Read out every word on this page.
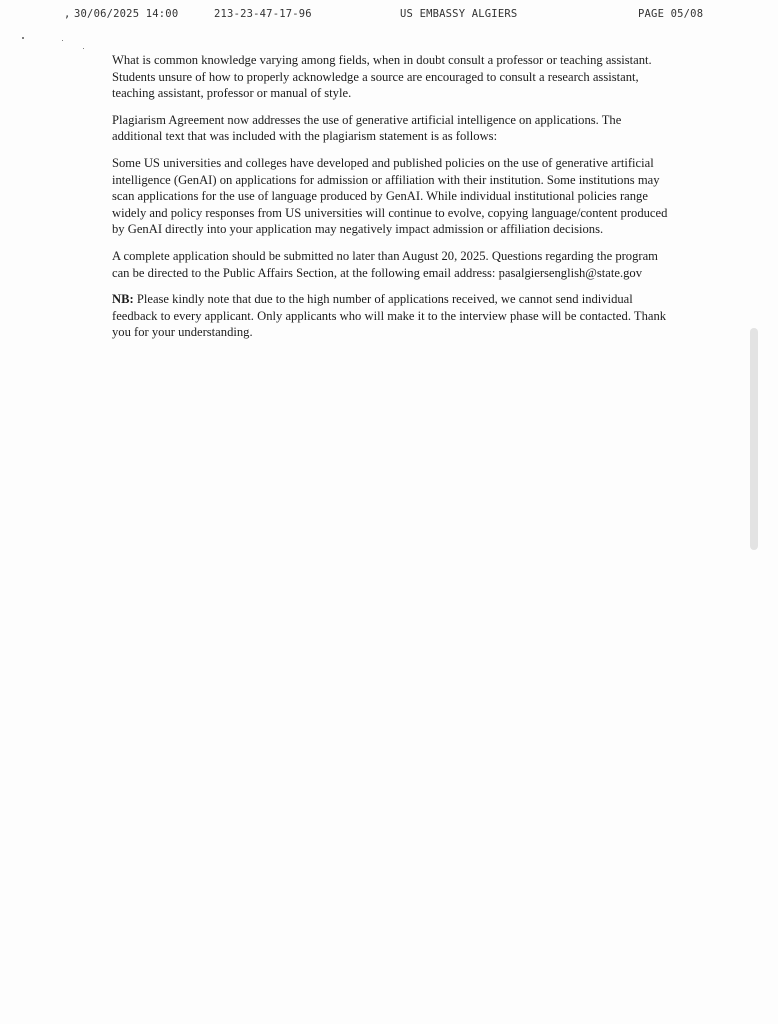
, 30/06/2025 14:00	213-23-47-17-96	US EMBASSY ALGIERS	PAGE 05/08

What is common knowledge varying among fields, when in doubt consult a professor or teaching assistant. Students unsure of how to properly acknowledge a source are encouraged to consult a research assistant, teaching assistant, professor or manual of style.

Plagiarism Agreement now addresses the use of generative artificial intelligence on applications. The additional text that was included with the plagiarism statement is as follows:

Some US universities and colleges have developed and published policies on the use of generative artificial intelligence (GenAI) on applications for admission or affiliation with their institution. Some institutions may scan applications for the use of language produced by GenAI. While individual institutional policies range widely and policy responses from US universities will continue to evolve, copying language/content produced by GenAI directly into your application may negatively impact admission or affiliation decisions.

A complete application should be submitted no later than August 20, 2025. Questions regarding the program can be directed to the Public Affairs Section, at the following email address: pasalgiersenglish@state.gov

NB: Please kindly note that due to the high number of applications received, we cannot send individual feedback to every applicant. Only applicants who will make it to the interview phase will be contacted. Thank you for your understanding.
